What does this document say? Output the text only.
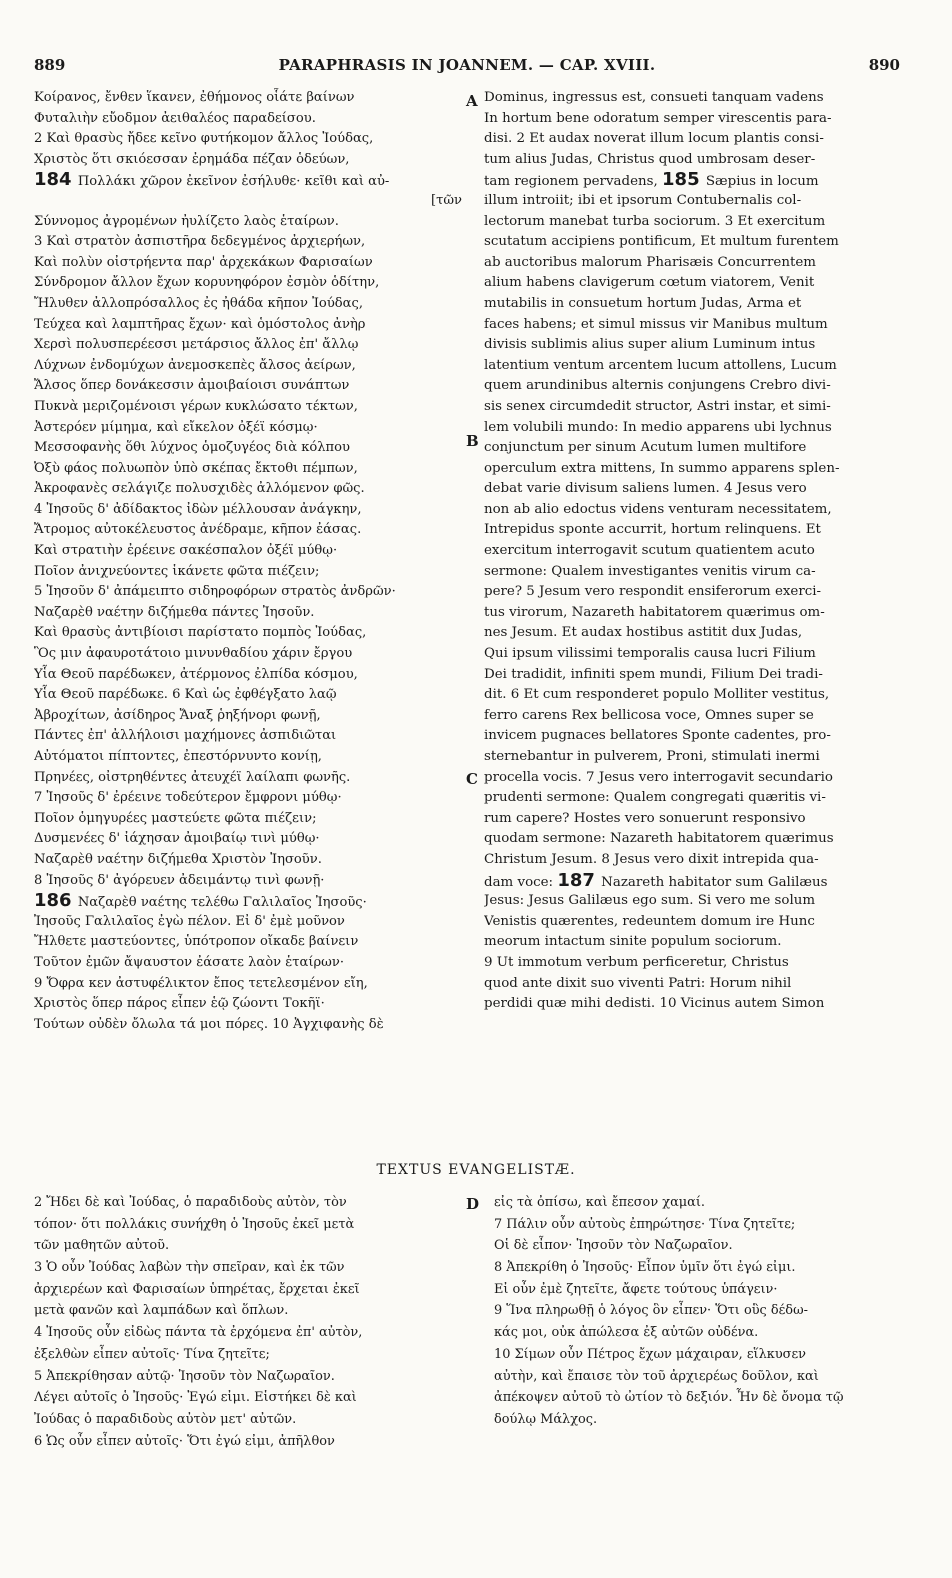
889	PARAPHRASIS IN JOANNEM. — CAP. XVIII.	890
Κοίρανος, ἔνθεν ἵκανεν, ἐθήμονος οἷάτε βαίνων
Φυταλιὴν εὔοδμον ἀειθαλέος παραδείσου.
2 Καὶ θρασὺς ἤδεε κεῖνο φυτήκομον ἄλλος Ἰούδας,
Χριστὸς ὅτι σκιόεσσαν ἐρημάδα πέζαν ὁδεύων,
184 Πολλάκι χῶρον ἐκεῖνον ἐσήλυθε· κεῖθι καὶ αὐ-
[τῶν
Σύννομος ἀγρομένων ἠυλίζετο λαὸς ἑταίρων.
3 Καὶ στρατὸν ἀσπιστῆρα δεδεγμένος ἀρχιερήων,
Καὶ πολὺν οἰστρήεντα παρ' ἀρχεκάκων Φαρισαίων
Σύνδρομον ἄλλον ἔχων κορυνηφόρον ἐσμὸν ὁδίτην,
Ἤλυθεν ἀλλοπρόσαλλος ἐς ἠθάδα κῆπον Ἰούδας,
Τεύχεα καὶ λαμπτῆρας ἔχων· καὶ ὁμόστολος ἀνὴρ
Χερσὶ πολυσπερέεσσι μετάρσιος ἄλλος ἐπ' ἄλλῳ
Λύχνων ἐνδομύχων ἀνεμοσκεπὲς ἄλσος ἀείρων,
Ἄλσος ὅπερ δονάκεσσιν ἀμοιβαίοισι συνάπτων
Πυκνὰ μεριζομένοισι γέρων κυκλώσατο τέκτων,
Ἀστερόεν μίμημα, καὶ εἴκελον ὀξέϊ κόσμῳ·
Μεσσοφανὴς ὅθι λύχνος ὁμοζυγέος διὰ κόλπου
Ὀξὺ φάος πολυωπὸν ὑπὸ σκέπας ἔκτοθι πέμπων,
Ἀκροφανὲς σελάγιζε πολυσχιδὲς ἀλλόμενον φῶς.
4 Ἰησοῦς δ' ἀδίδακτος ἰδὼν μέλλουσαν ἀνάγκην,
Ἄτρομος αὐτοκέλευστος ἀνέδραμε, κῆπον ἐάσας.
Καὶ στρατιὴν ἐρέεινε σακέσπαλον ὀξέϊ μύθῳ·
Ποῖον ἀνιχνεύοντες ἱκάνετε φῶτα πιέζειν;
5 Ἰησοῦν δ' ἀπάμειπτο σιδηροφόρων στρατὸς ἀνδρῶν·
Ναζαρὲθ ναέτην διζήμεθα πάντες Ἰησοῦν.
Καὶ θρασὺς ἀντιβίοισι παρίστατο πομπὸς Ἰούδας,
Ὃς μιν ἀφαυροτάτοιο μινυνθαδίου χάριν ἔργου
Υἷα Θεοῦ παρέδωκεν, ἀτέρμονος ἐλπίδα κόσμου,
Υἷα Θεοῦ παρέδωκε. 6 Καὶ ὡς ἐφθέγξατο λαῷ
Ἀβροχίτων, ἀσίδηρος Ἄναξ ῥηξήνορι φωνῇ,
Πάντες ἐπ' ἀλλήλοισι μαχήμονες ἀσπιδιῶται
Αὐτόματοι πίπτοντες, ἐπεστόρνυντο κονίῃ,
Πρηνέες, οἰστρηθέντες ἀτευχέϊ λαίλαπι φωνῆς.
7 Ἰησοῦς δ' ἐρέεινε τοδεύτερον ἔμφρονι μύθῳ·
Ποῖον ὁμηγυρέες μαστεύετε φῶτα πιέζειν;
Δυσμενέες δ' ἰάχησαν ἀμοιβαίῳ τινὶ μύθῳ·
Ναζαρὲθ ναέτην διζήμεθα Χριστὸν Ἰησοῦν.
8 Ἰησοῦς δ' ἀγόρευεν ἀδειμάντῳ τινὶ φωνῇ·
186 Ναζαρὲθ ναέτης τελέθω Γαλιλαῖος Ἰησοῦς·
Ἰησοῦς Γαλιλαῖος ἐγὼ πέλον. Εἰ δ' ἐμὲ μοῦνον
Ἤλθετε μαστεύοντες, ὑπότροπον οἴκαδε βαίνειν
Τοῦτον ἐμῶν ἄψαυστον ἐάσατε λαὸν ἑταίρων·
9 Ὄφρα κεν ἀστυφέλικτον ἔπος τετελεσμένον εἴη,
Χριστὸς ὅπερ πάρος εἶπεν ἑῷ ζώοντι Τοκῆϊ·
Τούτων οὐδὲν ὄλωλα τά μοι πόρες. 10 Ἀγχιφανὴς δὲ
Dominus, ingressus est, consueti tanquam vadens
In hortum bene odoratum semper virescentis para-
disi. 2 Et audax noverat illum locum plantis consi-
tum alius Judas, Christus quod umbrosam deser-
tam regionem pervadens, 185 Sæpius in locum
illum introiit; ibi et ipsorum Contubernalis col-
lectorum manebat turba sociorum. 3 Et exercitum
scutatum accipiens pontificum, Et multum furentem
ab auctoribus malorum Pharisæis Concurrentem
alium habens clavigerum cœtum viatorem, Venit
mutabilis in consuetum hortum Judas, Arma et
faces habens; et simul missus vir Manibus multum
divisis sublimis alius super alium Luminum intus
latentium ventum arcentem lucum attollens, Lucum
quem arundinibus alternis conjungens Crebro divi-
sis senex circumdedit structor, Astri instar, et simi-
lem volubili mundo: In medio apparens ubi lychnus
conjunctum per sinum Acutum lumen multifore
operculum extra mittens, In summo apparens splen-
debat varie divisum saliens lumen. 4 Jesus vero
non ab alio edoctus videns venturam necessitatem,
Intrepidus sponte accurrit, hortum relinquens. Et
exercitum interrogavit scutum quatientem acuto
sermone: Qualem investigantes venitis virum ca-
pere? 5 Jesum vero respondit ensiferorum exerci-
tus virorum, Nazareth habitatorem quærimus om-
nes Jesum. Et audax hostibus astitit dux Judas,
Qui ipsum vilissimi temporalis causa lucri Filium
Dei tradidit, infiniti spem mundi, Filium Dei tradi-
dit. 6 Et cum responderet populo Molliter vestitus,
ferro carens Rex bellicosa voce, Omnes super se
invicem pugnaces bellatores Sponte cadentes, pro-
sternebantur in pulverem, Proni, stimulati inermi
procella vocis. 7 Jesus vero interrogavit secundario
prudenti sermone: Qualem congregati quæritis vi-
rum capere? Hostes vero sonuerunt responsivo
quodam sermone: Nazareth habitatorem quærimus
Christum Jesum. 8 Jesus vero dixit intrepida qua-
dam voce: 187 Nazareth habitator sum Galilæus
Jesus: Jesus Galilæus ego sum. Si vero me solum
Venistis quærentes, redeuntem domum ire Hunc
meorum intactum sinite populum sociorum.
9 Ut immotum verbum perficeretur, Christus
quod ante dixit suo viventi Patri: Horum nihil
perdidi quæ mihi dedisti. 10 Vicinus autem Simon
A
B
C
D
TEXTUS EVANGELISTÆ.
2 Ἤδει δὲ καὶ Ἰούδας, ὁ παραδιδοὺς αὐτὸν, τὸν
τόπον· ὅτι πολλάκις συνήχθη ὁ Ἰησοῦς ἐκεῖ μετὰ
τῶν μαθητῶν αὐτοῦ.
3 Ὁ οὖν Ἰούδας λαβὼν τὴν σπεῖραν, καὶ ἐκ τῶν
ἀρχιερέων καὶ Φαρισαίων ὑπηρέτας, ἔρχεται ἐκεῖ
μετὰ φανῶν καὶ λαμπάδων καὶ ὅπλων.
4 Ἰησοῦς οὖν εἰδὼς πάντα τὰ ἐρχόμενα ἐπ' αὐτὸν,
ἐξελθὼν εἶπεν αὐτοῖς· Τίνα ζητεῖτε;
5 Ἀπεκρίθησαν αὐτῷ· Ἰησοῦν τὸν Ναζωραῖον.
Λέγει αὐτοῖς ὁ Ἰησοῦς· Ἐγώ εἰμι. Εἱστήκει δὲ καὶ
Ἰούδας ὁ παραδιδοὺς αὐτὸν μετ' αὐτῶν.
6 Ὡς οὖν εἶπεν αὐτοῖς· Ὅτι ἐγώ εἰμι, ἀπῆλθον
εἰς τὰ ὀπίσω, καὶ ἔπεσον χαμαί.
7 Πάλιν οὖν αὐτοὺς ἐπηρώτησε· Τίνα ζητεῖτε;
Οἱ δὲ εἶπον· Ἰησοῦν τὸν Ναζωραῖον.
8 Ἀπεκρίθη ὁ Ἰησοῦς· Εἶπον ὑμῖν ὅτι ἐγώ εἰμι.
Εἰ οὖν ἐμὲ ζητεῖτε, ἄφετε τούτους ὑπάγειν·
9 Ἵνα πληρωθῇ ὁ λόγος ὃν εἶπεν· Ὅτι οὓς δέδω-
κάς μοι, οὐκ ἀπώλεσα ἐξ αὐτῶν οὐδένα.
10 Σίμων οὖν Πέτρος ἔχων μάχαιραν, εἵλκυσεν
αὐτὴν, καὶ ἔπαισε τὸν τοῦ ἀρχιερέως δοῦλον, καὶ
ἀπέκοψεν αὐτοῦ τὸ ὠτίον τὸ δεξιόν. Ἦν δὲ ὄνομα τῷ
δούλῳ Μάλχος.
